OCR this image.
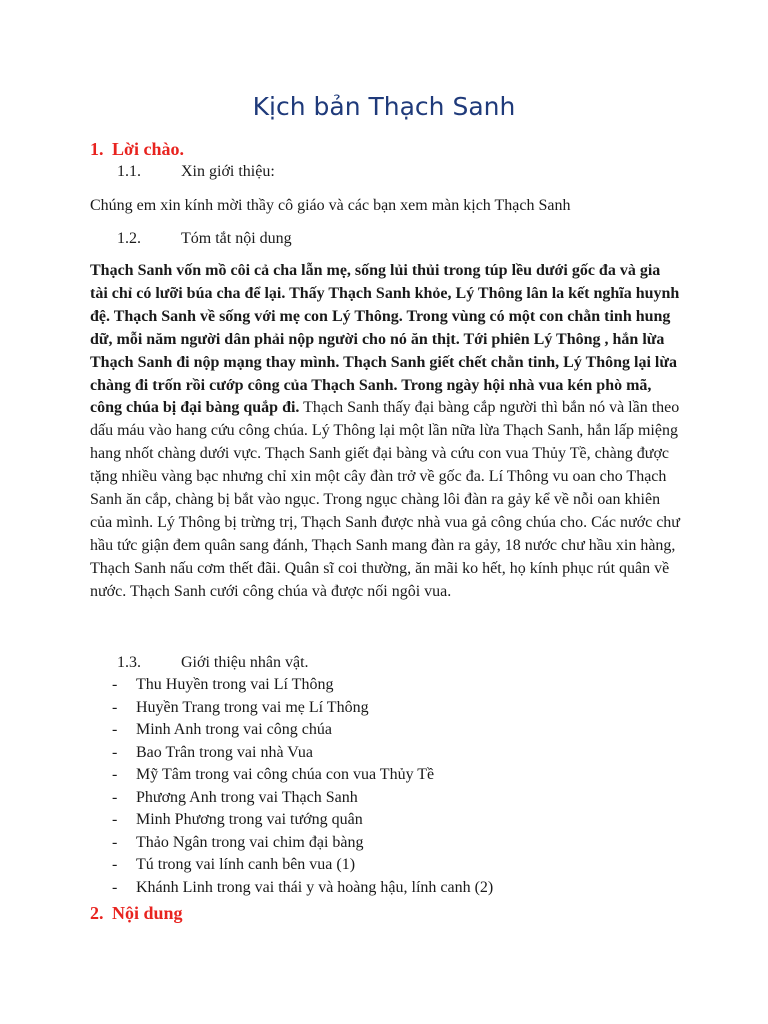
Kịch bản Thạch Sanh
1. Lời chào.
1.1.	Xin giới thiệu:
Chúng em xin kính mời thầy cô giáo và các bạn xem màn kịch Thạch Sanh
1.2.	Tóm tắt nội dung
Thạch Sanh vốn mồ côi cả cha lẫn mẹ, sống lủi thủi trong túp lều dưới gốc đa và gia tài chỉ có lưỡi búa cha để lại. Thấy Thạch Sanh khỏe, Lý Thông lân la kết nghĩa huynh đệ. Thạch Sanh về sống với mẹ con Lý Thông. Trong vùng có một con chằn tinh hung dữ, mỗi năm người dân phải nộp người cho nó ăn thịt. Tới phiên Lý Thông , hắn lừa Thạch Sanh đi nộp mạng thay mình. Thạch Sanh giết chết chằn tinh, Lý Thông lại lừa chàng đi trốn rồi cướp công của Thạch Sanh. Trong ngày hội nhà vua kén phò mã, công chúa bị đại bàng quắp đi. Thạch Sanh thấy đại bàng cắp người thì bắn nó và lần theo dấu máu vào hang cứu công chúa. Lý Thông lại một lần nữa lừa Thạch Sanh, hắn lấp miệng hang nhốt chàng dưới vực. Thạch Sanh giết đại bàng và cứu con vua Thủy Tề, chàng được tặng nhiều vàng bạc nhưng chỉ xin một cây đàn trở về gốc đa. Lí Thông vu oan cho Thạch Sanh ăn cắp, chàng bị bắt vào ngục. Trong ngục chàng lôi đàn ra gảy kể về nỗi oan khiên của mình. Lý Thông bị trừng trị, Thạch Sanh được nhà vua gả công chúa cho. Các nước chư hầu tức giận đem quân sang đánh, Thạch Sanh mang đàn ra gảy, 18 nước chư hầu xin hàng, Thạch Sanh nấu cơm thết đãi. Quân sĩ coi thường, ăn mãi ko hết, họ kính phục rút quân về nước. Thạch Sanh cưới công chúa và được nối ngôi vua.
1.3.	Giới thiệu nhân vật.
- Thu Huyền trong vai Lí Thông
- Huyền Trang trong vai mẹ Lí Thông
- Minh Anh trong vai công chúa
- Bao Trân trong vai nhà Vua
- Mỹ Tâm trong vai công chúa con vua Thủy Tề
- Phương Anh trong vai Thạch Sanh
- Minh Phương trong vai tướng quân
- Thảo Ngân trong vai chim đại bàng
- Tú trong vai lính canh bên vua (1)
- Khánh Linh trong vai thái y và hoàng hậu, lính canh (2)
2. Nội dung
